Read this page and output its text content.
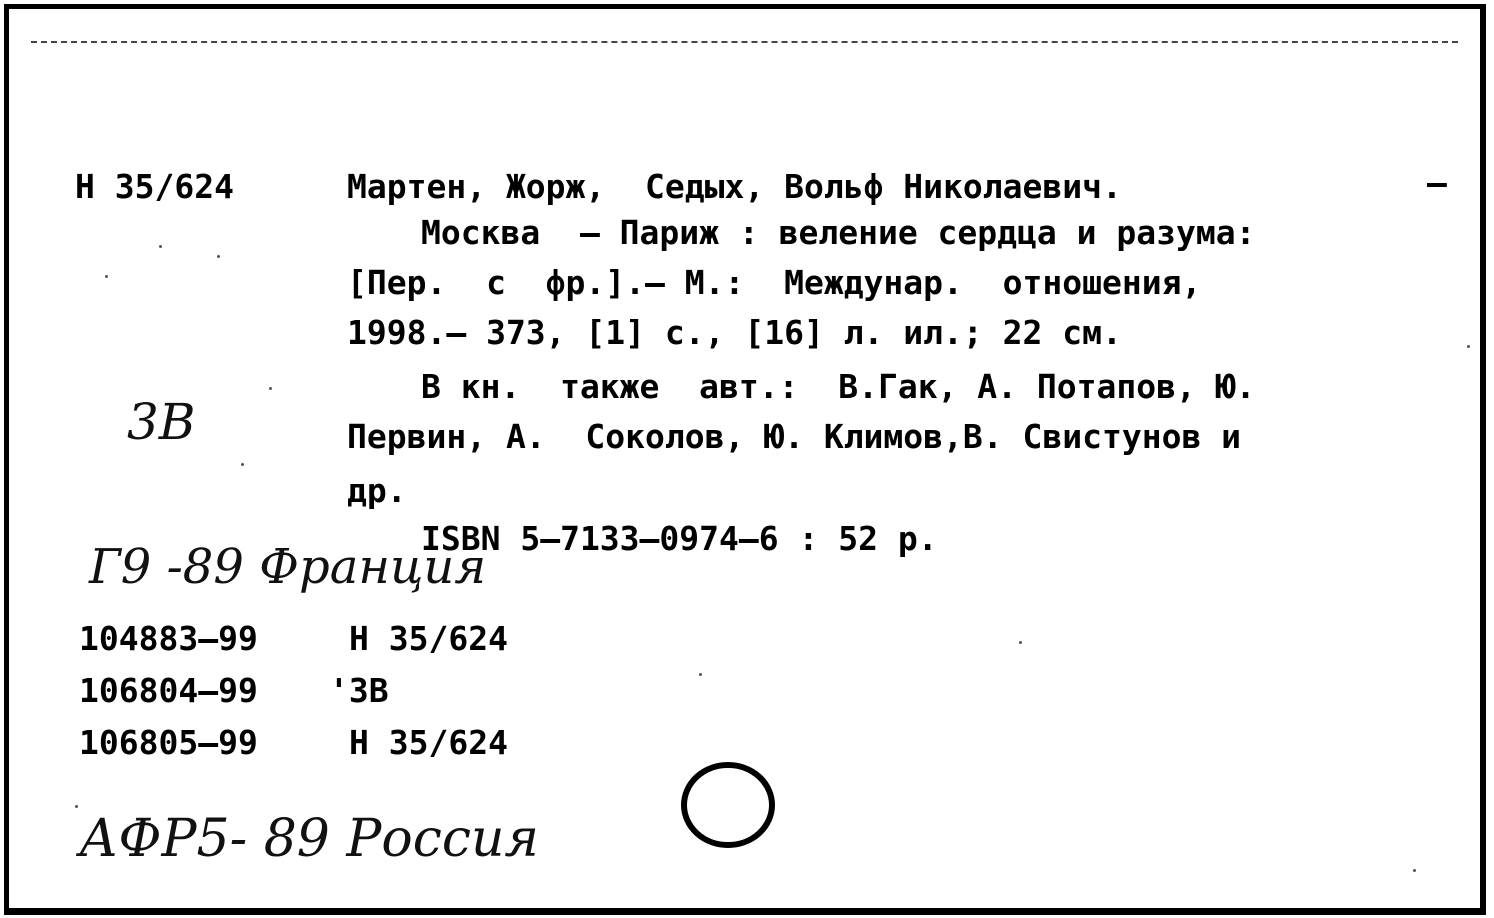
Н 35/624	Мартен, Жорж,  Седых, Вольф Николаевич.	–
Москва  – Париж : веление сердца и разума:
[Пер.  с  фр.].– М.:  Междунар.  отношения,
1998.– 373, [1] с., [16] л. ил.; 22 см.
В кн.  также  авт.:  В.Гак, А. Потапов, Ю.
Первин, А.  Соколов, Ю. Климов,В. Свистунов и
др.
ISBN 5–7133–0974–6 : 52 р.
104883–99	Н 35/624
106804–99 '3В
106805–99	Н 35/624
3В
Г9 -89 Франция
АФР5- 89 Россия
